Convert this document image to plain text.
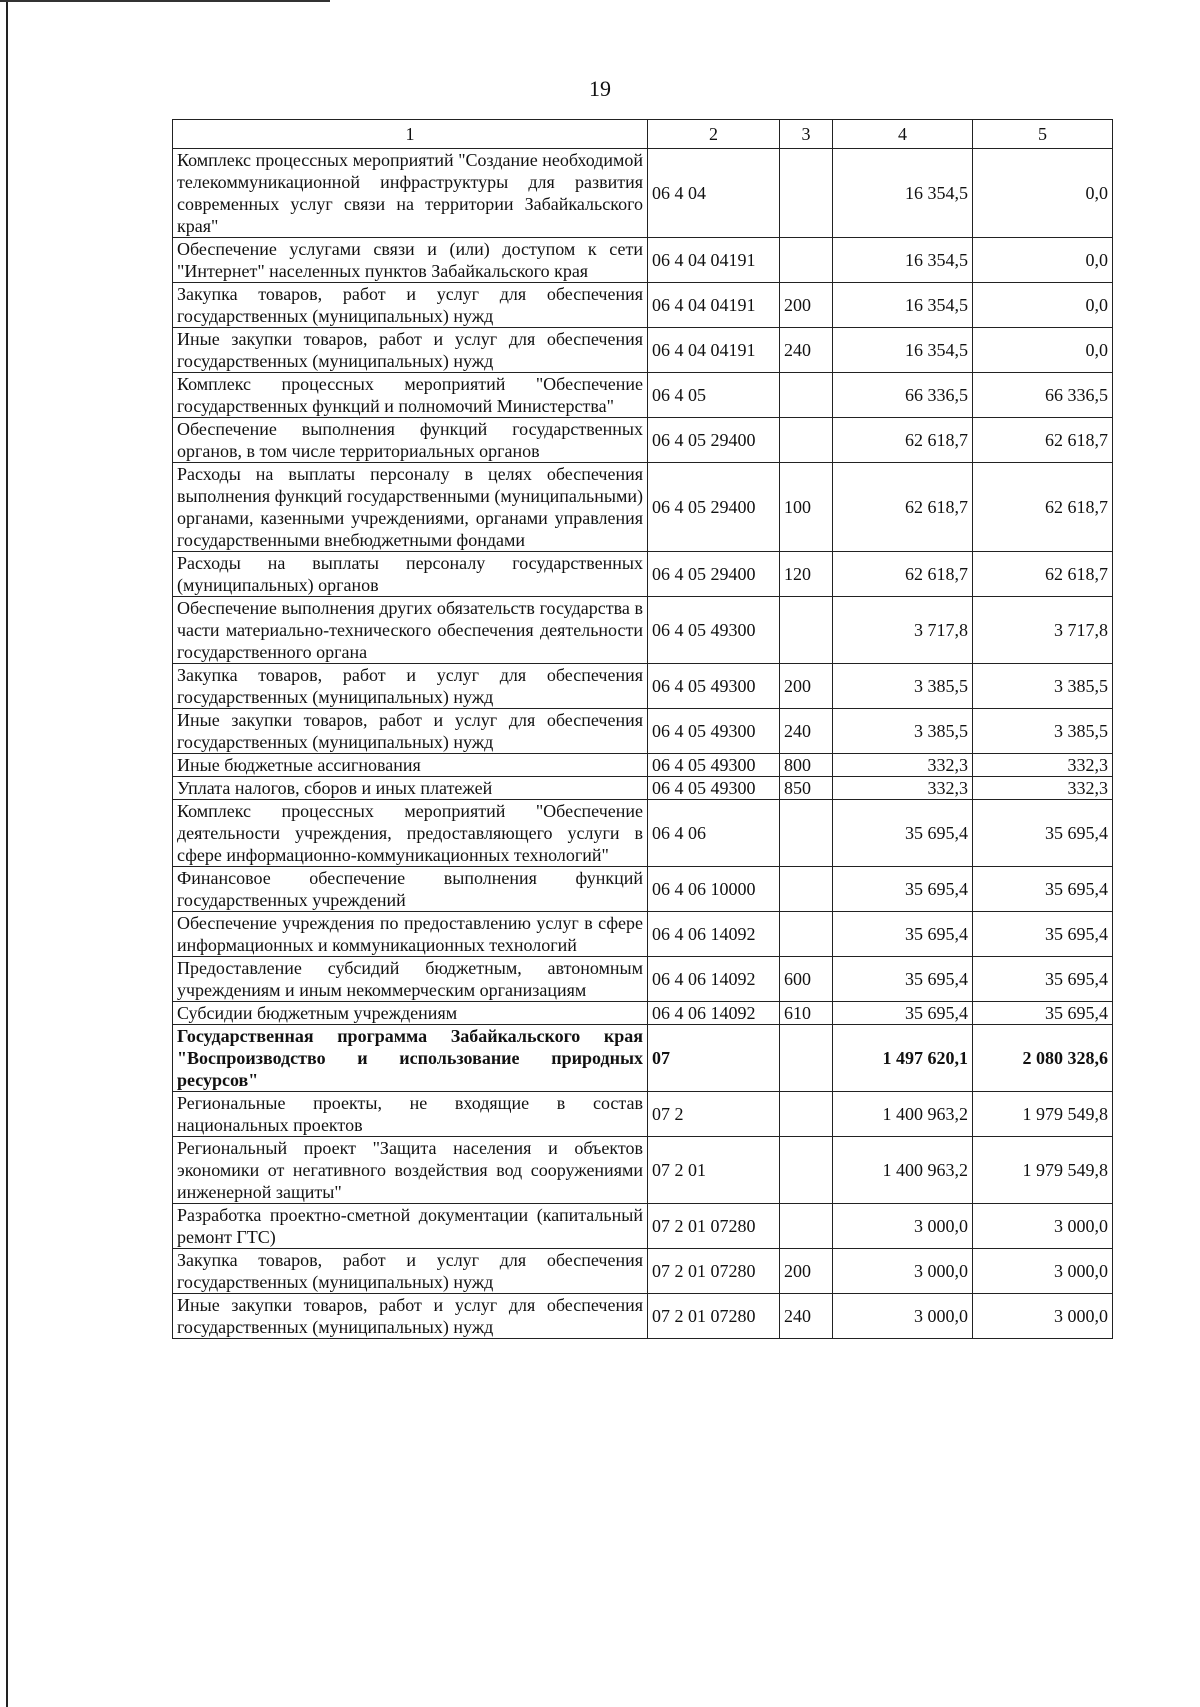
19
1	2	3	4	5
Комплекс процессных мероприятий "Создание необходимой телекоммуникационной инфраструктуры для развития современных услуг связи на территории Забайкальского края"	06 4 04		16 354,5	0,0
Обеспечение услугами связи и (или) доступом к сети "Интернет" населенных пунктов Забайкальского края	06 4 04 04191		16 354,5	0,0
Закупка товаров, работ и услуг для обеспечения государственных (муниципальных) нужд	06 4 04 04191	200	16 354,5	0,0
Иные закупки товаров, работ и услуг для обеспечения государственных (муниципальных) нужд	06 4 04 04191	240	16 354,5	0,0
Комплекс процессных мероприятий "Обеспечение государственных функций и полномочий Министерства"	06 4 05		66 336,5	66 336,5
Обеспечение выполнения функций государственных органов, в том числе территориальных органов	06 4 05 29400		62 618,7	62 618,7
Расходы на выплаты персоналу в целях обеспечения выполнения функций государственными (муниципальными) органами, казенными учреждениями, органами управления государственными внебюджетными фондами	06 4 05 29400	100	62 618,7	62 618,7
Расходы на выплаты персоналу государственных (муниципальных) органов	06 4 05 29400	120	62 618,7	62 618,7
Обеспечение выполнения других обязательств государства в части материально-технического обеспечения деятельности государственного органа	06 4 05 49300		3 717,8	3 717,8
Закупка товаров, работ и услуг для обеспечения государственных (муниципальных) нужд	06 4 05 49300	200	3 385,5	3 385,5
Иные закупки товаров, работ и услуг для обеспечения государственных (муниципальных) нужд	06 4 05 49300	240	3 385,5	3 385,5
Иные бюджетные ассигнования	06 4 05 49300	800	332,3	332,3
Уплата налогов, сборов и иных платежей	06 4 05 49300	850	332,3	332,3
Комплекс процессных мероприятий "Обеспечение деятельности учреждения, предоставляющего услуги в сфере информационно-коммуникационных технологий"	06 4 06		35 695,4	35 695,4
Финансовое обеспечение выполнения функций государственных учреждений	06 4 06 10000		35 695,4	35 695,4
Обеспечение учреждения по предоставлению услуг в сфере информационных и коммуникационных технологий	06 4 06 14092		35 695,4	35 695,4
Предоставление субсидий бюджетным, автономным учреждениям и иным некоммерческим организациям	06 4 06 14092	600	35 695,4	35 695,4
Субсидии бюджетным учреждениям	06 4 06 14092	610	35 695,4	35 695,4
Государственная программа Забайкальского края "Воспроизводство и использование природных ресурсов"	07		1 497 620,1	2 080 328,6
Региональные проекты, не входящие в состав национальных проектов	07 2		1 400 963,2	1 979 549,8
Региональный проект "Защита населения и объектов экономики от негативного воздействия вод сооружениями инженерной защиты"	07 2 01		1 400 963,2	1 979 549,8
Разработка проектно-сметной документации (капитальный ремонт ГТС)	07 2 01 07280		3 000,0	3 000,0
Закупка товаров, работ и услуг для обеспечения государственных (муниципальных) нужд	07 2 01 07280	200	3 000,0	3 000,0
Иные закупки товаров, работ и услуг для обеспечения государственных (муниципальных) нужд	07 2 01 07280	240	3 000,0	3 000,0
